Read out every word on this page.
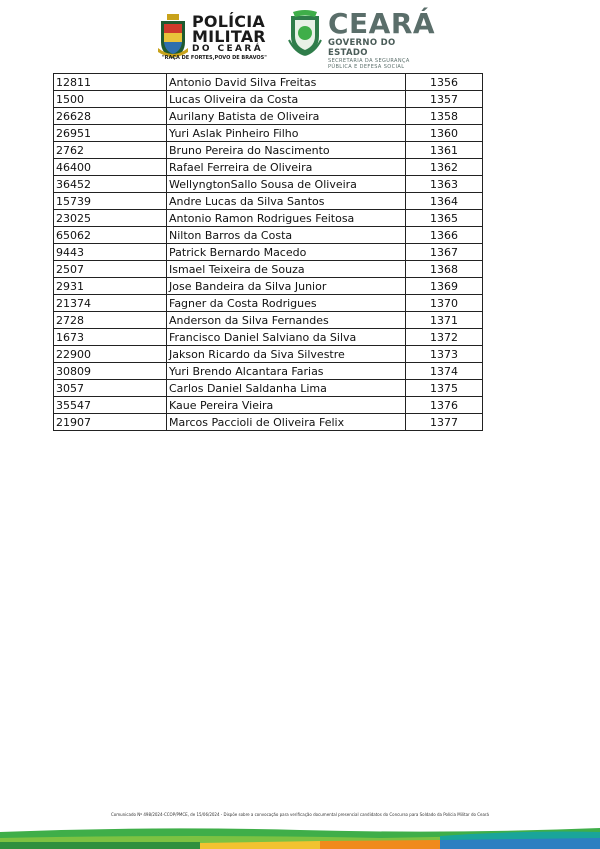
POLÍCIA
MILITAR
DO CEARÁ
"RAÇA DE FORTES,POVO DE BRAVOS"
CEARÁ
GOVERNO DO ESTADO
SECRETARIA DA SEGURANÇA
PÚBLICA E DEFESA SOCIAL
12811	Antonio David Silva Freitas	1356
1500	Lucas Oliveira da Costa	1357
26628	Aurilany Batista de Oliveira	1358
26951	Yuri Aslak Pinheiro Filho	1360
2762	Bruno Pereira do Nascimento	1361
46400	Rafael Ferreira de Oliveira	1362
36452	WellyngtonSallo Sousa de Oliveira	1363
15739	Andre Lucas da Silva Santos	1364
23025	Antonio Ramon Rodrigues Feitosa	1365
65062	Nilton Barros da Costa	1366
9443	Patrick Bernardo Macedo	1367
2507	Ismael Teixeira de Souza	1368
2931	Jose Bandeira da Silva Junior	1369
21374	Fagner da Costa Rodrigues	1370
2728	Anderson da Silva Fernandes	1371
1673	Francisco Daniel Salviano da Silva	1372
22900	Jakson Ricardo da Siva Silvestre	1373
30809	Yuri Brendo Alcantara Farias	1374
3057	Carlos Daniel Saldanha Lima	1375
35547	Kaue Pereira Vieira	1376
21907	Marcos Paccioli de Oliveira Felix	1377
Comunicado Nº 498/2024-CCOP/PMCE, de 15/06/2024 - Dispõe sobre a convocação para verificação documental presencial candidatos do Concurso para Soldado da Polícia Militar do Ceará
